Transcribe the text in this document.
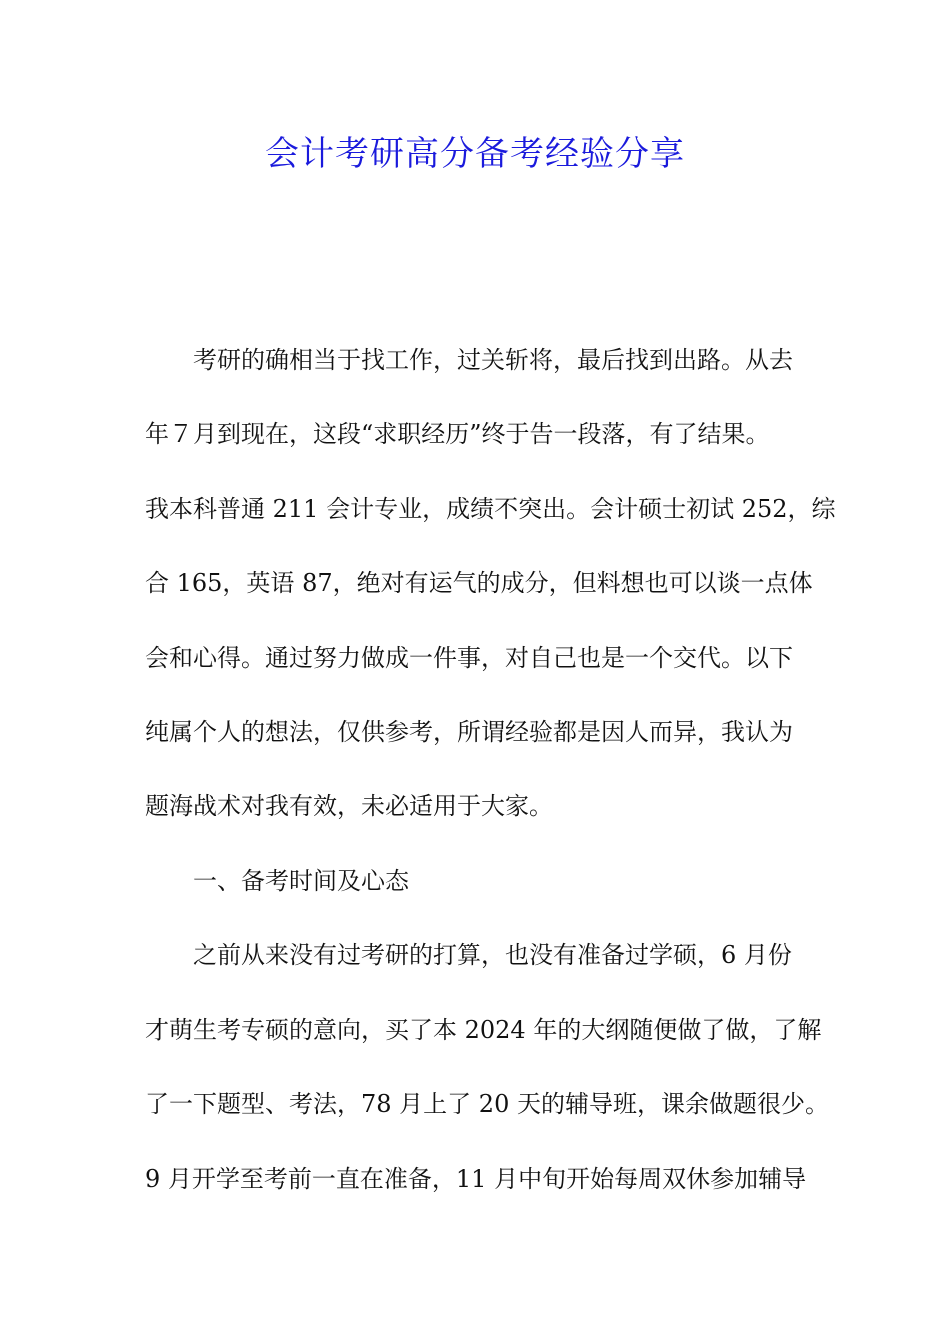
会计考研高分备考经验分享
考研的确相当于找工作，过关斩将，最后找到出路。从去
年７月到现在，这段“求职经历”终于告一段落，有了结果。
我本科普通 211 会计专业，成绩不突出。会计硕士初试 252，综
合 165，英语 87，绝对有运气的成分，但料想也可以谈一点体
会和心得。通过努力做成一件事，对自己也是一个交代。以下
纯属个人的想法，仅供参考，所谓经验都是因人而异，我认为
题海战术对我有效，未必适用于大家。
一、备考时间及心态
之前从来没有过考研的打算，也没有准备过学硕，6 月份
才萌生考专硕的意向，买了本 2024 年的大纲随便做了做，了解
了一下题型、考法，78 月上了 20 天的辅导班，课余做题很少。
9 月开学至考前一直在准备，11 月中旬开始每周双休参加辅导
